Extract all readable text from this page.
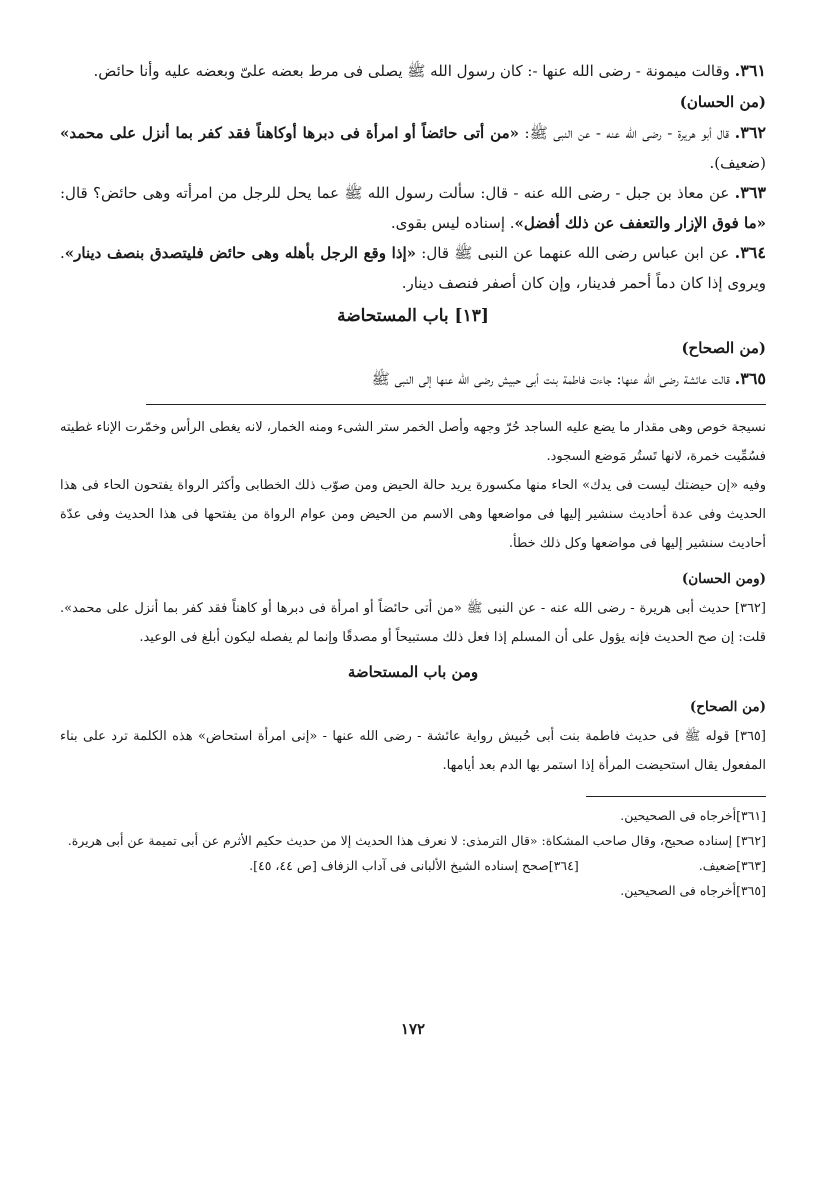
٣٦١. وقالت ميمونة - رضى الله عنها -: كان رسول الله ﷺ يصلى فى مرط بعضه علىّ وبعضه عليه وأنا حائض.

(من الحسان)

٣٦٢. قال أبو هريرة - رضى الله عنه - عن النبى ﷺ: «من أتى حائضاً أو امرأة فى دبرها أوكاهناً فقد كفر بما أنزل على محمد» (ضعيف).

٣٦٣. عن معاذ بن جبل - رضى الله عنه - قال: سألت رسول الله ﷺ عما يحل للرجل من امرأته وهى حائض؟ قال: «ما فوق الإزار والتعفف عن ذلك أفضل». إسناده ليس بقوى.

٣٦٤. عن ابن عباس رضى الله عنهما عن النبى ﷺ قال: «إذا وقع الرجل بأهله وهى حائض فليتصدق بنصف دينار». ويروى إذا كان دماً أحمر فدينار، وإن كان أصفر فنصف دينار.

[١٣] باب المستحاضة

(من الصحاح)

٣٦٥. قالت عائشة رضى الله عنها: جاءت فاطمة بنت أبى حبيش رضى الله عنها إلى النبى ﷺ

نسيجة خوص وهى مقدار ما يضع عليه الساجد حُرّ وجهه وأصل الخمر ستر الشىء ومنه الخمار، لانه يغطى الرأس وخمّرت الإناء غطيته فسُمِّيت خمرة، لانها تَستُر مَوضع السجود.

وفيه «إن حيضتك ليست فى يدك» الحاء منها مكسورة يريد حالة الحيض ومن صوّب ذلك الخطابى وأكثر الرواة يفتحون الحاء فى هذا الحديث وفى عدة أحاديث سنشير إليها فى مواضعها وهى الاسم من الحيض ومن عوام الرواة من يفتحها فى هذا الحديث وفى عدّة أحاديث سنشير إليها فى مواضعها وكل ذلك خطأ.

(ومن الحسان)

[٣٦٢] حديث أبى هريرة - رضى الله عنه - عن النبى ﷺ «من أتى حائضاً أو امرأة فى دبرها أو كاهناً فقد كفر بما أنزل على محمد». قلت: إن صح الحديث فإنه يؤول على أن المسلم إذا فعل ذلك مستبيحاً أو مصدقًا وإنما لم يفصله ليكون أبلغ فى الوعيد.

ومن باب المستحاضة

(من الصحاح)

[٣٦٥] قوله ﷺ فى حديث فاطمة بنت أبى حُبيش رواية عائشة - رضى الله عنها - «إنى امرأة استحاض» هذه الكلمة ترد على بناء المفعول يقال استحيضت المرأة إذا استمر بها الدم بعد أيامها.

[٣٦١]أخرجاه فى الصحيحين.

[٣٦٢] إسناده صحيح، وقال صاحب المشكاة: «قال الترمذى: لا نعرف هذا الحديث إلا من حديث حكيم الأثرم عن أبى تميمة عن أبى هريرة.

[٣٦٣]ضعيف.[٣٦٤]صحح إسناده الشيخ الألبانى فى آداب الزفاف [ص ٤٤، ٤٥].

[٣٦٥]أخرجاه فى الصحيحين.

١٧٢
